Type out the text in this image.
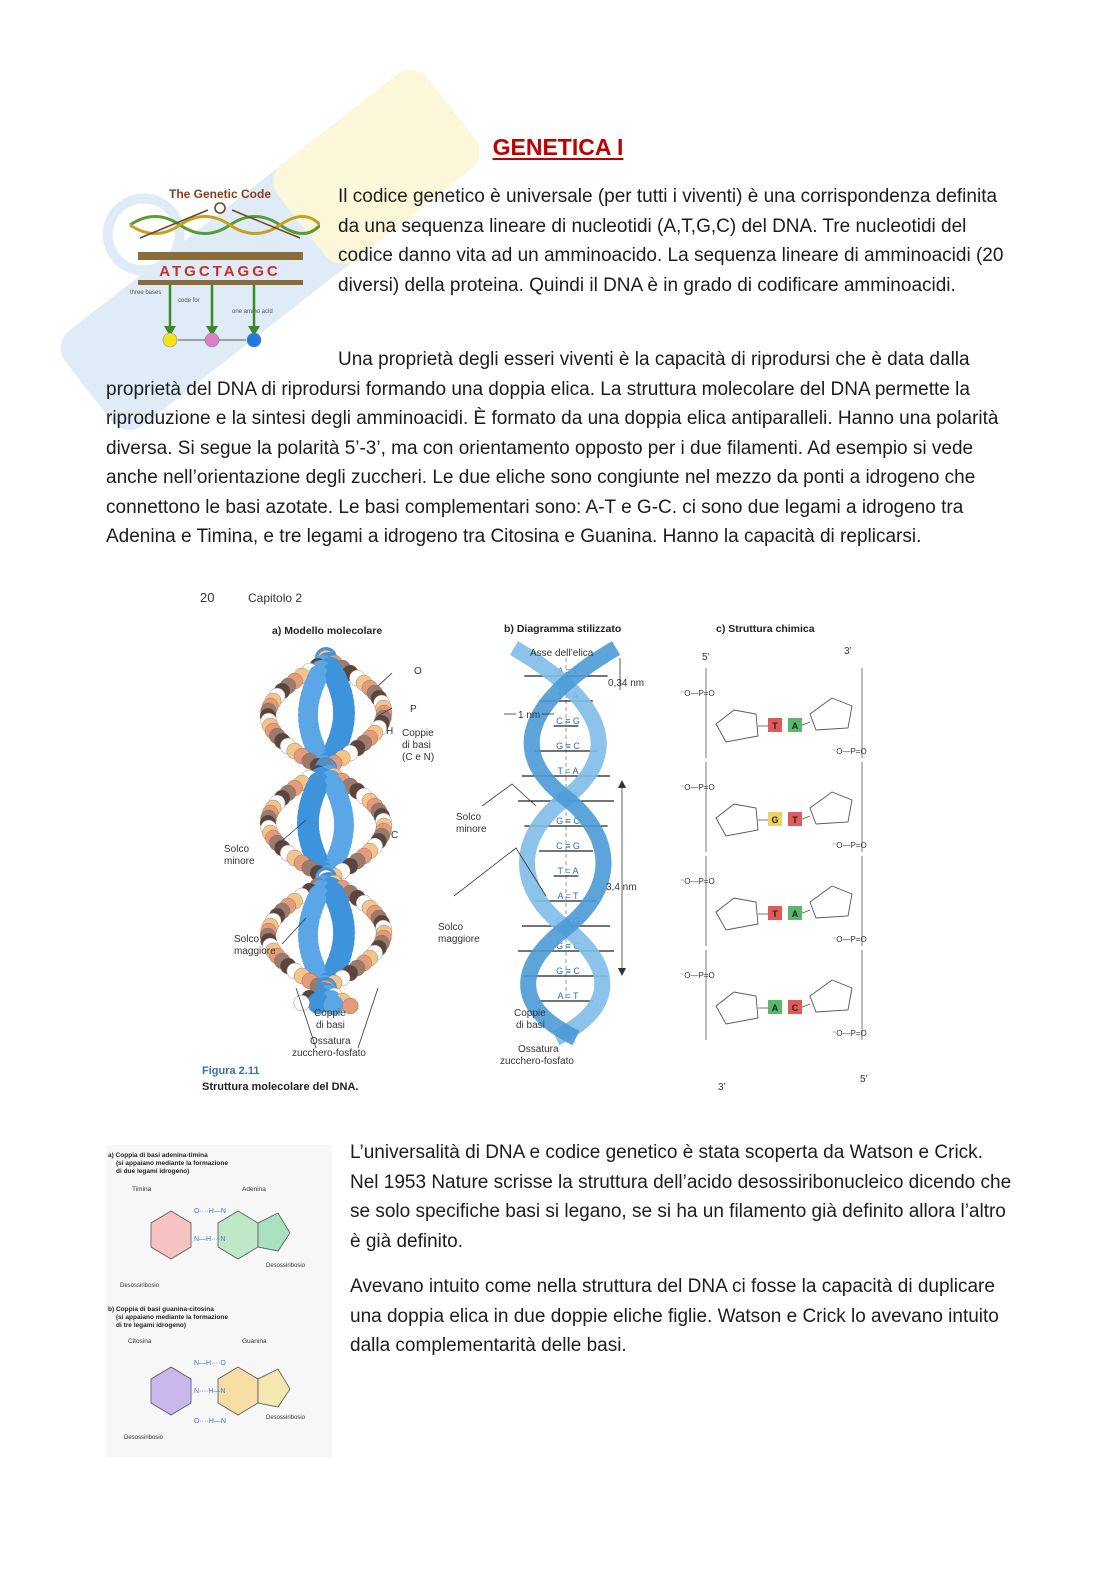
GENETICA I
The Genetic Code
ATGCTAGGC
three bases
code for
one amino acid
Il codice genetico è universale (per tutti i viventi) è una corrispondenza definita da una sequenza lineare di nucleotidi (A,T,G,C) del DNA. Tre nucleotidi del codice danno vita ad un amminoacido. La sequenza lineare di amminoacidi (20 diversi) della proteina. Quindi il DNA è in grado di codificare amminoacidi.
Una proprietà degli esseri viventi è la capacità di riprodursi che è data dalla proprietà del DNA di riprodursi formando una doppia elica. La struttura molecolare del DNA permette la riproduzione e la sintesi degli amminoacidi. È formato da una doppia elica antiparalleli. Hanno una polarità diversa. Si segue la polarità 5’-3’, ma con orientamento opposto per i due filamenti. Ad esempio si vede anche nell’orientazione degli zuccheri. Le due eliche sono congiunte nel mezzo da ponti a idrogeno che connettono le basi azotate. Le basi complementari sono: A-T e G-C. ci sono due legami a idrogeno tra Adenina e Timina, e tre legami a idrogeno tra Citosina e Guanina. Hanno la capacità di replicarsi.
20	Capitolo 2
a) Modello molecolare	b) Diagramma stilizzato	c) Struttura chimica
O
P
H
C
Coppie
di basi
(C e N)
Solco
minore
Solco
maggiore
Coppie
di basi
Ossatura
zucchero-fosfato
A = T
T = A
C ≡ G
G ≡ C
T = A
A = T
G ≡ C
C ≡ G
T = A
A = T
C ≡ G
G ≡ C
G ≡ C
A = T
Asse dell’elica
0,34 nm
1 nm
3,4 nm
Solco
minore
Solco
maggiore
Coppie
di basi
Ossatura
zucchero-fosfato
T A
⁻O—P=O
⁻O—P=O
G T
⁻O—P=O
⁻O—P=O
T A
⁻O—P=O
⁻O—P=O
A C
⁻O—P=O
⁻O—P=O
5’
3’
3’
5’
Figura 2.11
Struttura molecolare del DNA.
a) Coppia di basi adenina-timina
(si appaiano mediante la formazione
di due legami idrogeno)
Timina	Adenina
O····H—N
N—H····N
Desossiribosio
Desossiribosio
b) Coppia di basi guanina-citosina
(si appaiano mediante la formazione
di tre legami idrogeno)
Citosina	Guanina
N—H····O
N····H—N
O····H—N
Desossiribosio
Desossiribosio
L’universalità di DNA e codice genetico è stata scoperta da Watson e Crick. Nel 1953 Nature scrisse la struttura dell’acido desossiribonucleico dicendo che se solo specifiche basi si legano, se si ha un filamento già definito allora l’altro è già definito.
Avevano intuito come nella struttura del DNA ci fosse la capacità di duplicare una doppia elica in due doppie eliche figlie. Watson e Crick lo avevano intuito dalla complementarità delle basi.
